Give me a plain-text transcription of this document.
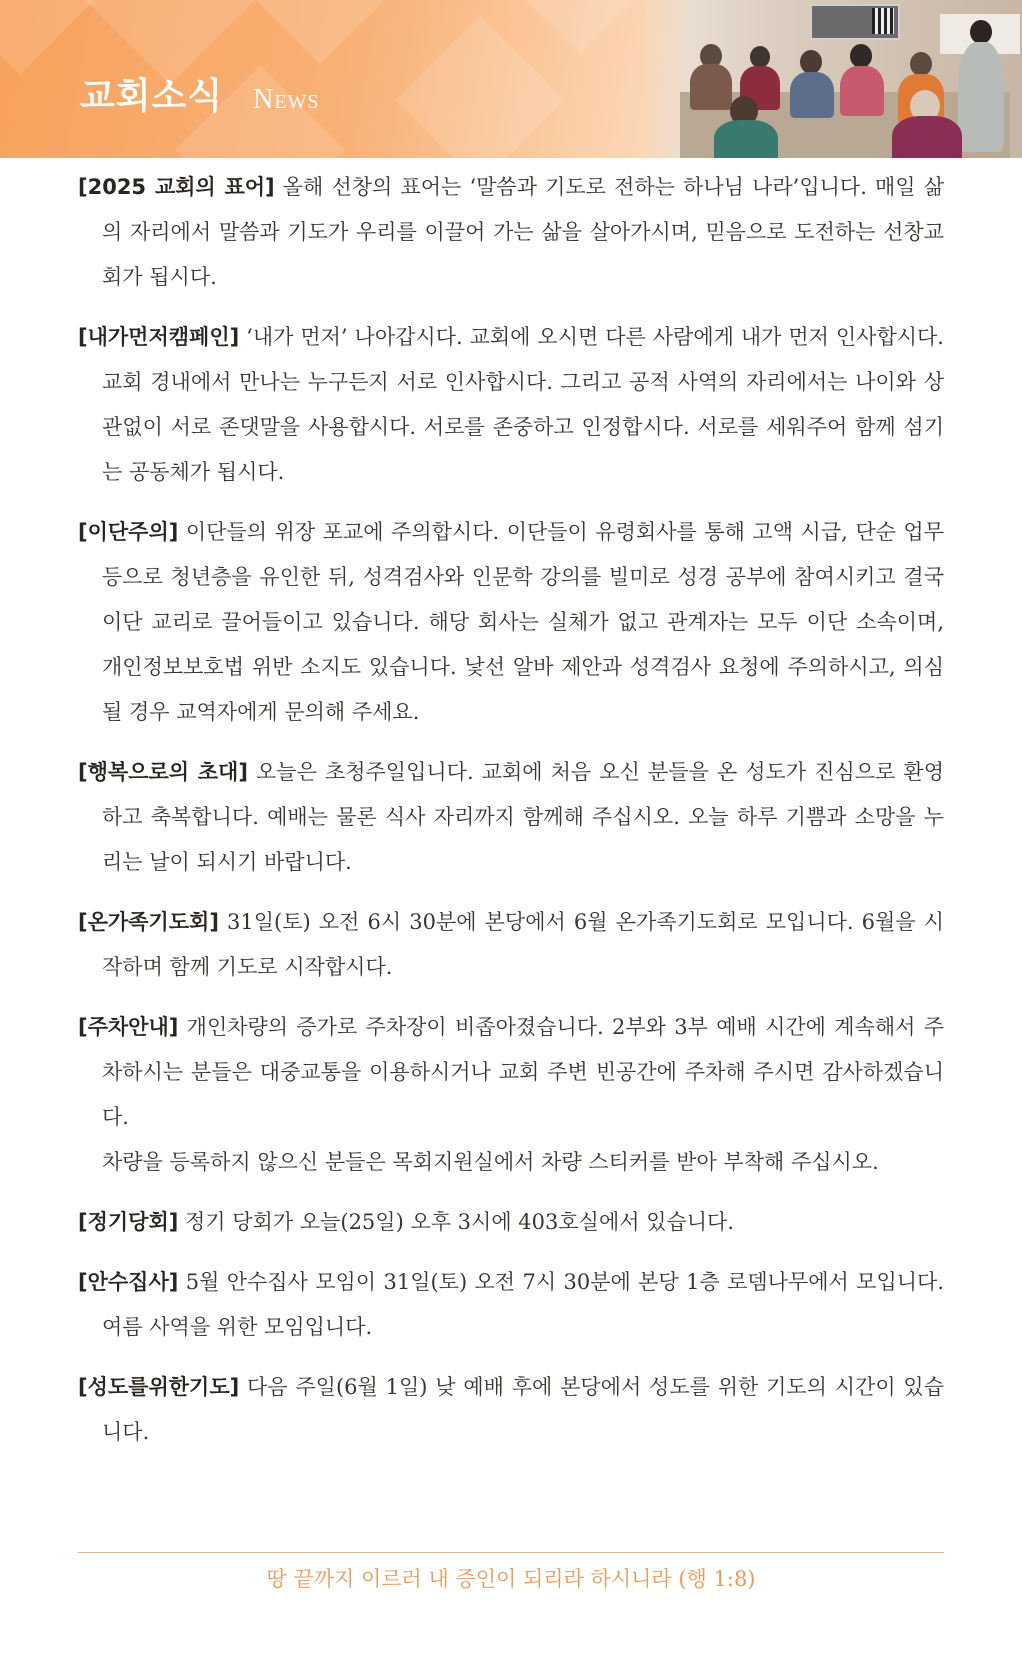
교회소식 News
[2025 교회의 표어] 올해 선창의 표어는 ‘말씀과 기도로 전하는 하나님 나라’입니다. 매일 삶의 자리에서 말씀과 기도가 우리를 이끌어 가는 삶을 살아가시며, 믿음으로 도전하는 선창교회가 됩시다.
[내가먼저캠페인] ‘내가 먼저’ 나아갑시다. 교회에 오시면 다른 사람에게 내가 먼저 인사합시다. 교회 경내에서 만나는 누구든지 서로 인사합시다. 그리고 공적 사역의 자리에서는 나이와 상관없이 서로 존댓말을 사용합시다. 서로를 존중하고 인정합시다. 서로를 세워주어 함께 섬기는 공동체가 됩시다.
[이단주의] 이단들의 위장 포교에 주의합시다. 이단들이 유령회사를 통해 고액 시급, 단순 업무 등으로 청년층을 유인한 뒤, 성격검사와 인문학 강의를 빌미로 성경 공부에 참여시키고 결국 이단 교리로 끌어들이고 있습니다. 해당 회사는 실체가 없고 관계자는 모두 이단 소속이며, 개인정보보호법 위반 소지도 있습니다. 낯선 알바 제안과 성격검사 요청에 주의하시고, 의심될 경우 교역자에게 문의해 주세요.
[행복으로의 초대] 오늘은 초청주일입니다. 교회에 처음 오신 분들을 온 성도가 진심으로 환영하고 축복합니다. 예배는 물론 식사 자리까지 함께해 주십시오. 오늘 하루 기쁨과 소망을 누리는 날이 되시기 바랍니다.
[온가족기도회] 31일(토) 오전 6시 30분에 본당에서 6월 온가족기도회로 모입니다. 6월을 시작하며 함께 기도로 시작합시다.
[주차안내] 개인차량의 증가로 주차장이 비좁아졌습니다. 2부와 3부 예배 시간에 계속해서 주차하시는 분들은 대중교통을 이용하시거나 교회 주변 빈공간에 주차해 주시면 감사하겠습니다.
차량을 등록하지 않으신 분들은 목회지원실에서 차량 스티커를 받아 부착해 주십시오.
[정기당회] 정기 당회가 오늘(25일) 오후 3시에 403호실에서 있습니다.
[안수집사] 5월 안수집사 모임이 31일(토) 오전 7시 30분에 본당 1층 로뎀나무에서 모입니다. 여름 사역을 위한 모임입니다.
[성도를위한기도] 다음 주일(6월 1일) 낮 예배 후에 본당에서 성도를 위한 기도의 시간이 있습니다.
땅 끝까지 이르러 내 증인이 되리라 하시니라 (행 1:8)
